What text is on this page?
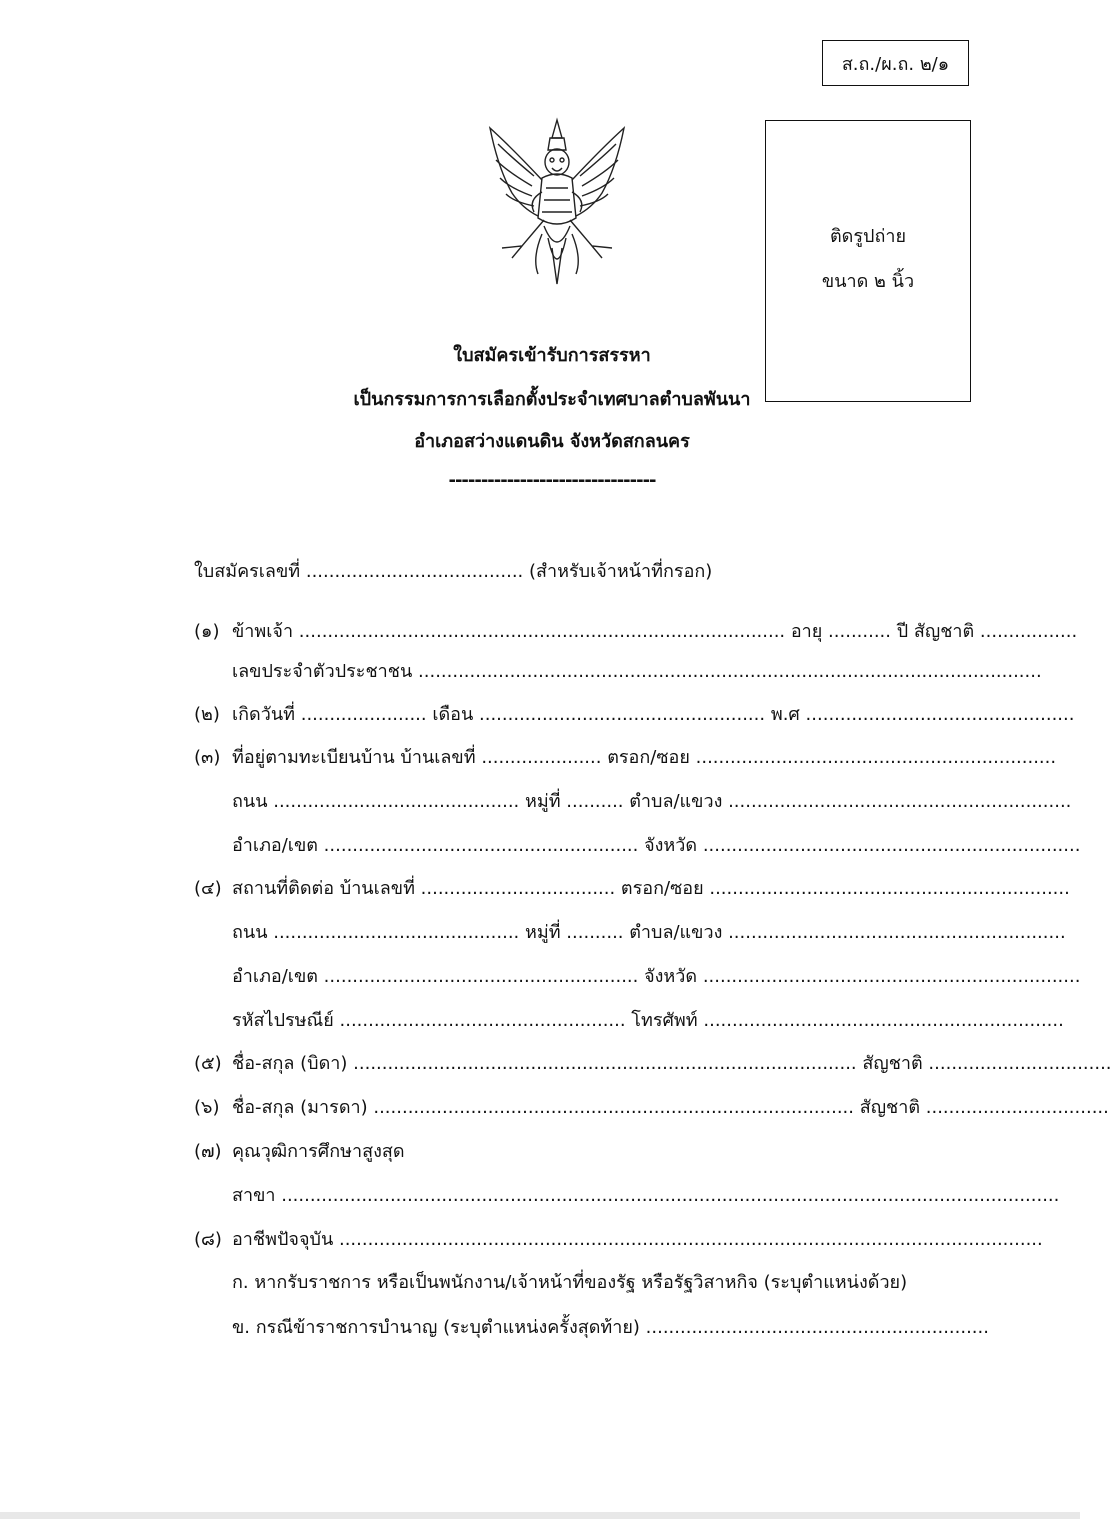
ส.ถ./ผ.ถ. ๒/๑
ติดรูปถ่าย
ขนาด ๒ นิ้ว
ใบสมัครเข้ารับการสรรหา
เป็นกรรมการการเลือกตั้งประจำเทศบาลตำบลพันนา
อำเภอสว่างแดนดิน จังหวัดสกลนคร
--------------------------------
ใบสมัครเลขที่ ...................................... (สำหรับเจ้าหน้าที่กรอก)
(๑) ข้าพเจ้า ..................................................................................... อายุ ........... ปี สัญชาติ .................
เลขประจำตัวประชาชน .............................................................................................................
(๒) เกิดวันที่ ...................... เดือน .................................................. พ.ศ ...............................................
(๓) ที่อยู่ตามทะเบียนบ้าน บ้านเลขที่ ..................... ตรอก/ซอย ...............................................................
ถนน ........................................... หมู่ที่ .......... ตำบล/แขวง ............................................................
อำเภอ/เขต ....................................................... จังหวัด ..................................................................
(๔) สถานที่ติดต่อ บ้านเลขที่ .................................. ตรอก/ซอย ...............................................................
ถนน ........................................... หมู่ที่ .......... ตำบล/แขวง ...........................................................
อำเภอ/เขต ....................................................... จังหวัด ..................................................................
รหัสไปรษณีย์ .................................................. โทรศัพท์ ...............................................................
(๕) ชื่อ-สกุล (บิดา) ........................................................................................ สัญชาติ ................................
(๖) ชื่อ-สกุล (มารดา) .................................................................................... สัญชาติ ................................
(๗) คุณวุฒิการศึกษาสูงสุด
สาขา ........................................................................................................................................
(๘) อาชีพปัจจุบัน ...........................................................................................................................
ก. หากรับราชการ หรือเป็นพนักงาน/เจ้าหน้าที่ของรัฐ หรือรัฐวิสาหกิจ (ระบุตำแหน่งด้วย)
ข. กรณีข้าราชการบำนาญ (ระบุตำแหน่งครั้งสุดท้าย) ............................................................
